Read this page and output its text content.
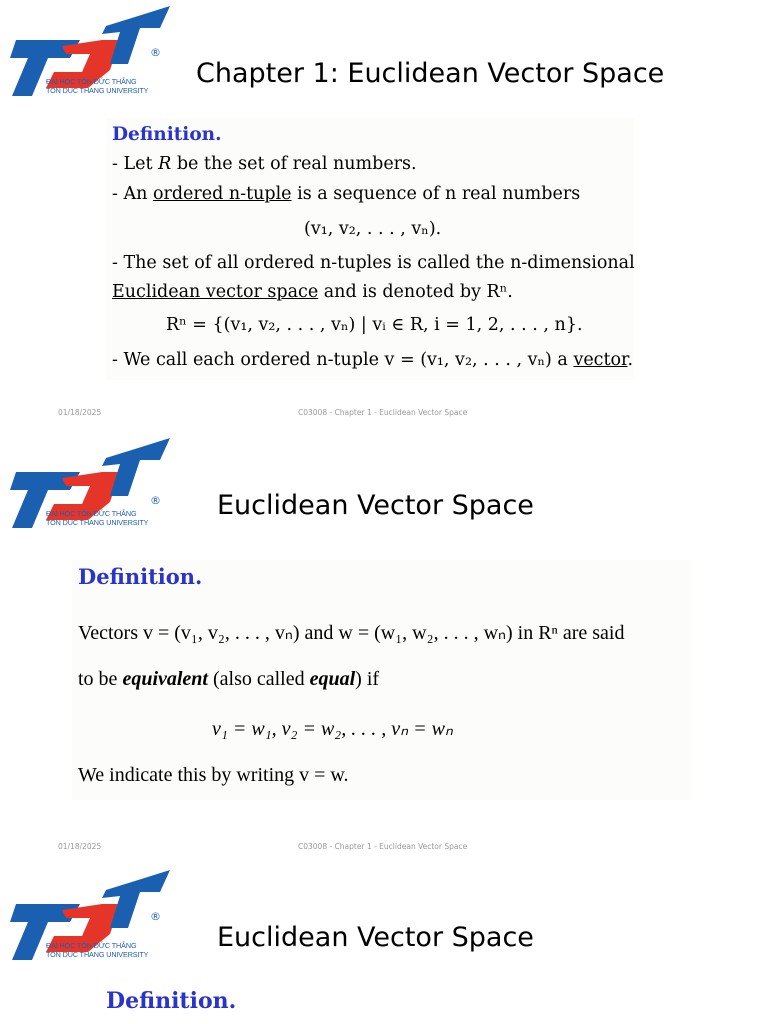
®
ĐẠI HỌC TÔN ĐỨC THẮNG
TON DUC THANG UNIVERSITY
Chapter 1: Euclidean Vector Space
Definition.
- Let R be the set of real numbers.
- An ordered n-tuple is a sequence of n real numbers
(v₁, v₂, . . . , vₙ).
- The set of all ordered n-tuples is called the n-dimensional
Euclidean vector space and is denoted by Rⁿ.
Rⁿ = {(v₁, v₂, . . . , vₙ) | vᵢ ∈ R, i = 1, 2, . . . , n}.
- We call each ordered n-tuple v = (v₁, v₂, . . . , vₙ) a vector.
01/18/2025	C03008 - Chapter 1 - Euclidean Vector Space
®
ĐẠI HỌC TÔN ĐỨC THẮNG
TON DUC THANG UNIVERSITY
Euclidean Vector Space
Definition.
Vectors v = (v₁, v₂, . . . , vₙ) and w = (w₁, w₂, . . . , wₙ) in Rⁿ are said
to be equivalent (also called equal) if
v₁ = w₁, v₂ = w₂, . . . , vₙ = wₙ
We indicate this by writing v = w.
01/18/2025	C03008 - Chapter 1 - Euclidean Vector Space
®
ĐẠI HỌC TÔN ĐỨC THẮNG
TON DUC THANG UNIVERSITY
Euclidean Vector Space
Definition.
